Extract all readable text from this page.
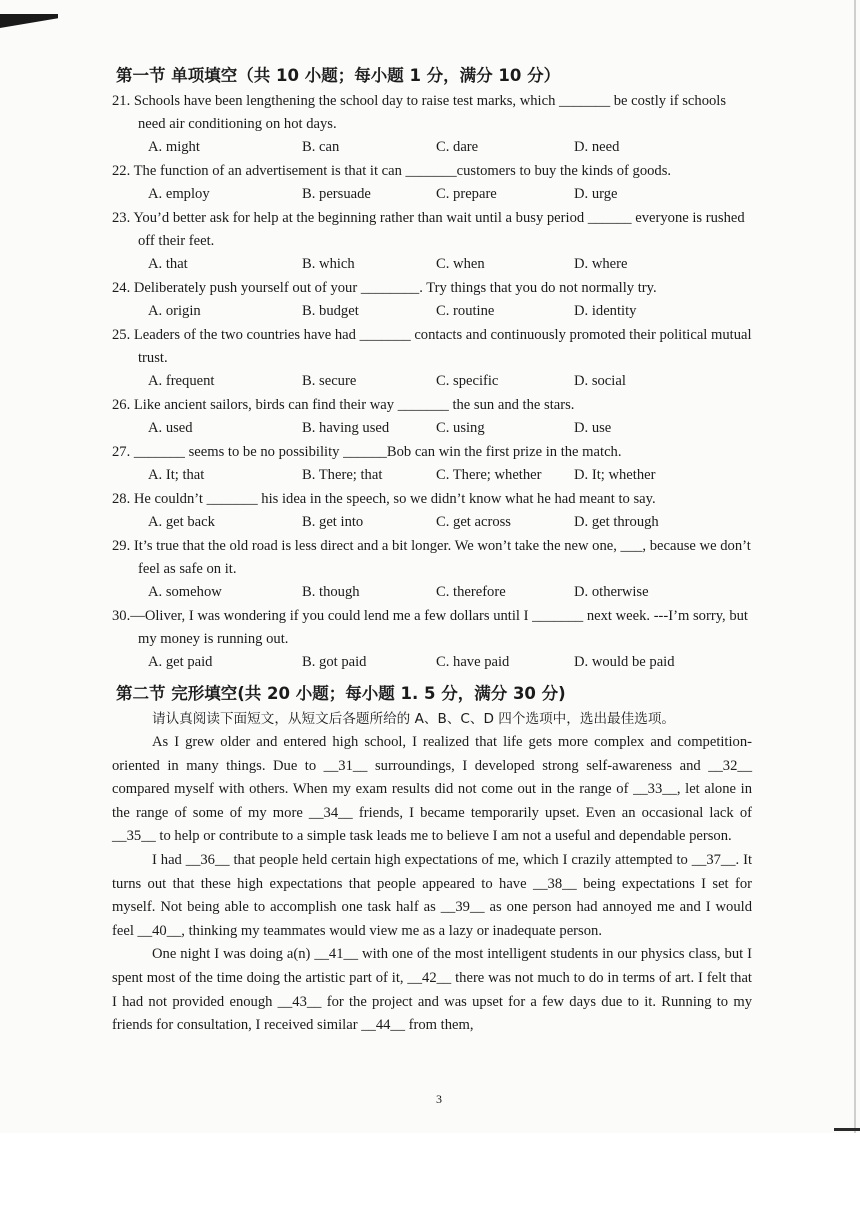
第一节 单项填空（共 10 小题；每小题 1 分，满分 10 分）
21. Schools have been lengthening the school day to raise test marks, which _______ be costly if schools need air conditioning on hot days.
A. might	B. can	C. dare	D. need
22. The function of an advertisement is that it can _______customers to buy the kinds of goods.
A. employ	B. persuade	C. prepare	D. urge
23. You’d better ask for help at the beginning rather than wait until a busy period ______ everyone is rushed off their feet.
A. that	B. which	C. when	D. where
24. Deliberately push yourself out of your ________. Try things that you do not normally try.
A. origin	B. budget	C. routine	D. identity
25. Leaders of the two countries have had _______ contacts and continuously promoted their political mutual trust.
A. frequent	B. secure	C. specific	D. social
26. Like ancient sailors, birds can find their way _______ the sun and the stars.
A. used	B. having used	C. using	D. use
27. _______ seems to be no possibility ______Bob can win the first prize in the match.
A. It; that	B. There; that	C. There; whether	D. It; whether
28. He couldn’t _______ his idea in the speech, so we didn’t know what he had meant to say.
A. get back	B. get into	C. get across	D. get through
29. It’s true that the old road is less direct and a bit longer. We won’t take the new one, ___, because we don’t feel as safe on it.
A. somehow	B. though	C. therefore	D. otherwise
30.—Oliver, I was wondering if you could lend me a few dollars until I _______ next week. ---I’m sorry, but my money is running out.
A. get paid	B. got paid	C. have paid	D. would be paid
第二节 完形填空(共 20 小题；每小题 1. 5 分，满分 30 分)

请认真阅读下面短文，从短文后各题所给的 A、B、C、D 四个选项中，选出最佳选项。

As I grew older and entered high school, I realized that life gets more complex and competition-oriented in many things. Due to __31__ surroundings, I developed strong self-awareness and __32__ compared myself with others. When my exam results did not come out in the range of __33__, let alone in the range of some of my more __34__ friends, I became temporarily upset. Even an occasional lack of __35__ to help or contribute to a simple task leads me to believe I am not a useful and dependable person.

I had __36__ that people held certain high expectations of me, which I crazily attempted to __37__. It turns out that these high expectations that people appeared to have __38__ being expectations I set for myself. Not being able to accomplish one task half as __39__ as one person had annoyed me and I would feel __40__, thinking my teammates would view me as a lazy or inadequate person.

One night I was doing a(n) __41__ with one of the most intelligent students in our physics class, but I spent most of the time doing the artistic part of it, __42__ there was not much to do in terms of art. I felt that I had not provided enough __43__ for the project and was upset for a few days due to it. Running to my friends for consultation, I received similar __44__ from them,

3
